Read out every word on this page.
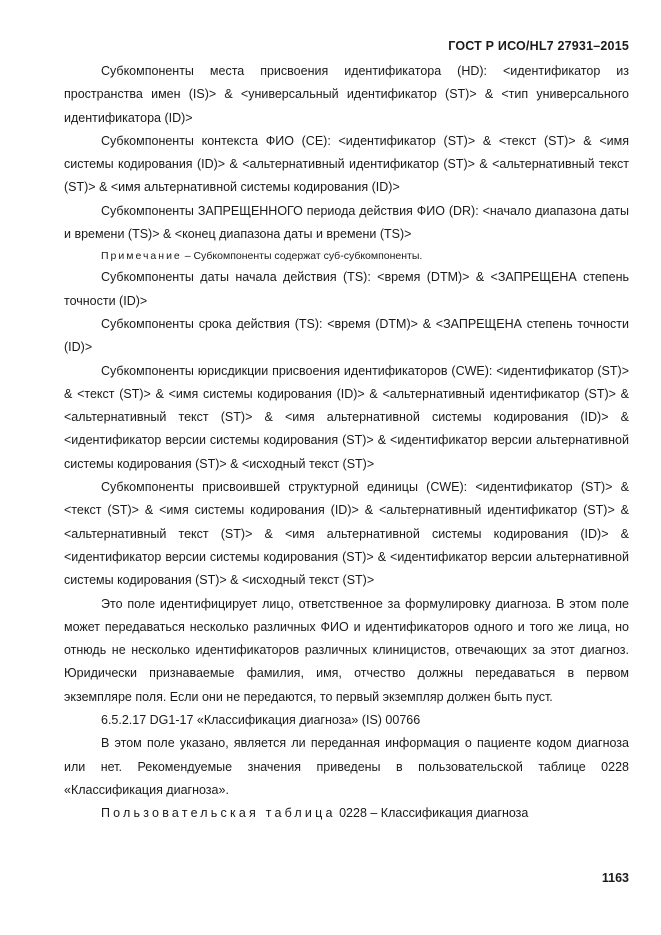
ГОСТ Р ИСО/HL7 27931–2015

Субкомпоненты места присвоения идентификатора (HD): <идентификатор из пространства имен (IS)> & <универсальный идентификатор (ST)> & <тип универсального идентификатора (ID)>

Субкомпоненты контекста ФИО (CE): <идентификатор (ST)> & <текст (ST)> & <имя системы кодирования (ID)> & <альтернативный идентификатор (ST)> & <альтернативный текст (ST)> & <имя альтернативной системы кодирования (ID)>

Субкомпоненты ЗАПРЕЩЕННОГО периода действия ФИО (DR): <начало диапазона даты и времени (TS)> & <конец диапазона даты и времени (TS)>

Примечание – Субкомпоненты содержат суб-субкомпоненты.

Субкомпоненты даты начала действия (TS): <время (DTM)> & <ЗАПРЕЩЕНА степень точности (ID)>

Субкомпоненты срока действия (TS): <время (DTM)> & <ЗАПРЕЩЕНА степень точности (ID)>

Субкомпоненты юрисдикции присвоения идентификаторов (CWE): <идентификатор (ST)> & <текст (ST)> & <имя системы кодирования (ID)> & <альтернативный идентификатор (ST)> & <альтернативный текст (ST)> & <имя альтернативной системы кодирования (ID)> & <идентификатор версии системы кодирования (ST)> & <идентификатор версии альтернативной системы кодирования (ST)> & <исходный текст (ST)>

Субкомпоненты присвоившей структурной единицы (CWE): <идентификатор (ST)> & <текст (ST)> & <имя системы кодирования (ID)> & <альтернативный идентификатор (ST)> & <альтернативный текст (ST)> & <имя альтернативной системы кодирования (ID)> & <идентификатор версии системы кодирования (ST)> & <идентификатор версии альтернативной системы кодирования (ST)> & <исходный текст (ST)>

Это поле идентифицирует лицо, ответственное за формулировку диагноза. В этом поле может передаваться несколько различных ФИО и идентификаторов одного и того же лица, но отнюдь не несколько идентификаторов различных клиницистов, отвечающих за этот диагноз. Юридически признаваемые фамилия, имя, отчество должны передаваться в первом экземпляре поля. Если они не передаются, то первый экземпляр должен быть пуст.

6.5.2.17 DG1-17 «Классификация диагноза» (IS) 00766

В этом поле указано, является ли переданная информация о пациенте кодом диагноза или нет. Рекомендуемые значения приведены в пользовательской таблице 0228 «Классификация диагноза».

Пользовательская таблица 0228 – Классификация диагноза

1163
